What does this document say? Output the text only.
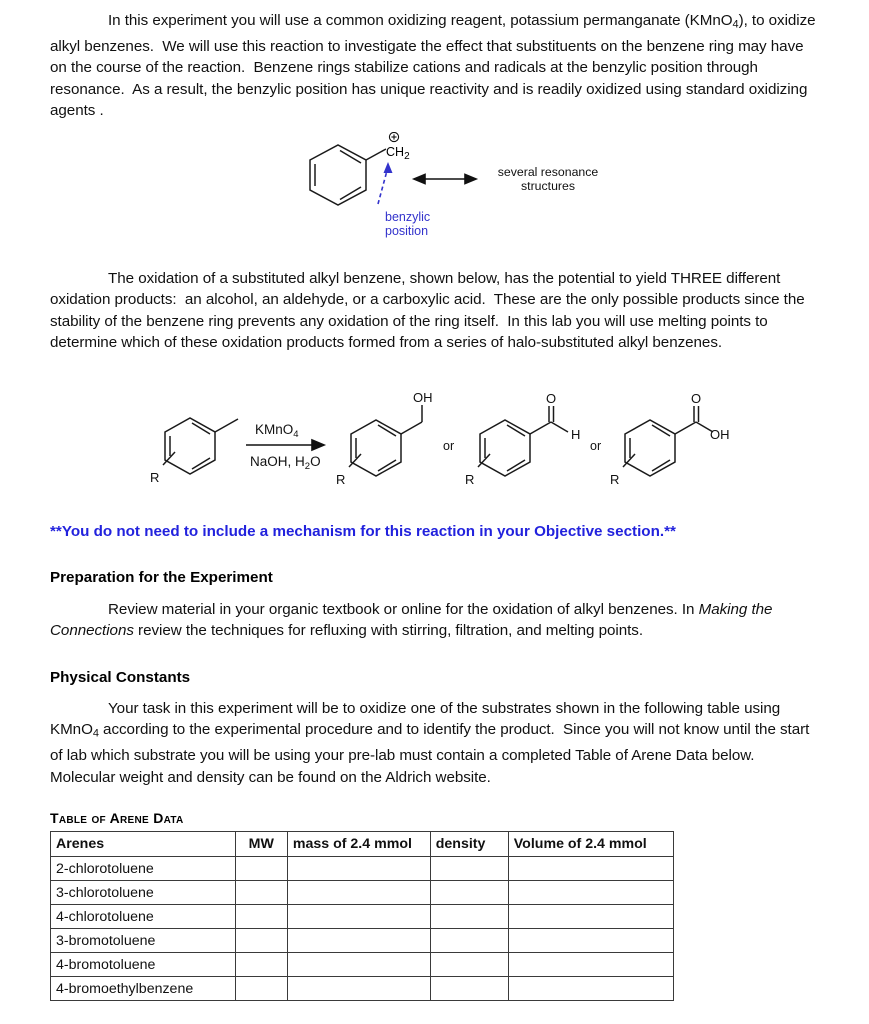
In this experiment you will use a common oxidizing reagent, potassium permanganate (KMnO$_4$), to oxidize alkyl benzenes.  We will use this reaction to investigate the effect that substituents on the benzene ring may have on the course of the reaction.  Benzene rings stabilize cations and radicals at the benzylic position through resonance.  As a result, the benzylic position has unique reactivity and is readily oxidized using standard oxidizing agents .
$CH_2$
benzylic
position
several resonance
structures
The oxidation of a substituted alkyl benzene, shown below, has the potential to yield THREE different oxidation products:  an alcohol, an aldehyde, or a carboxylic acid.  These are the only possible products since the stability of the benzene ring prevents any oxidation of the ring itself.  In this lab you will use melting points to determine which of these oxidation products formed from a series of halo-substituted alkyl benzenes.
R
KMnO$_4$
NaOH, $H_2O$
R
OH
or
R
O
H
or
O
OH
R
**You do not need to include a mechanism for this reaction in your Objective section.**
Preparation for the Experiment
Review material in your organic textbook or online for the oxidation of alkyl benzenes. In Making the Connections review the techniques for refluxing with stirring, filtration, and melting points.
Physical Constants
Your task in this experiment will be to oxidize one of the substrates shown in the following table using KMnO$_4$ according to the experimental procedure and to identify the product.  Since you will not know until the start of lab which substrate you will be using your pre-lab must contain a completed Table of Arene Data below.  Molecular weight and density can be found on the Aldrich website.
Table of Arene Data
Arenes	MW	mass of 2.4 mmol	density	Volume of 2.4 mmol
2-chlorotoluene				
3-chlorotoluene				
4-chlorotoluene				
3-bromotoluene				
4-bromotoluene				
4-bromoethylbenzene				
